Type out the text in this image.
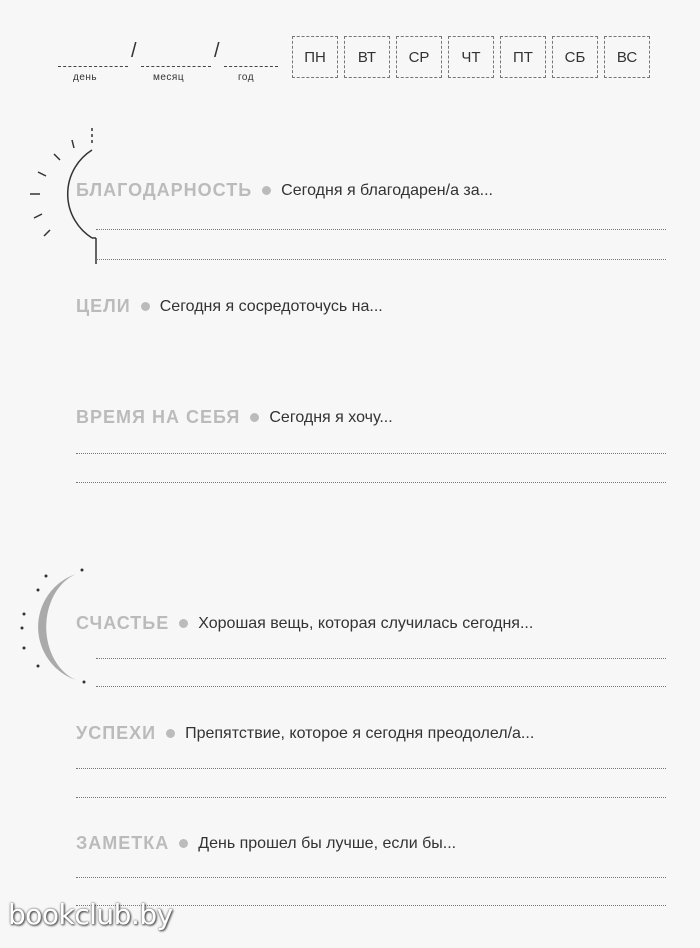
/	/
день	месяц	год
ПН	ВТ	СР	ЧТ	ПТ	СБ	ВС
БЛАГОДАРНОСТЬ Сегодня я благодарен/а за...
ЦЕЛИ Сегодня я сосредоточусь на...
ВРЕМЯ НА СЕБЯ Сегодня я хочу...
СЧАСТЬЕ Хорошая вещь, которая случилась сегодня...
УСПЕХИ Препятствие, которое я сегодня преодолел/а...
ЗАМЕТКА День прошел бы лучше, если бы...
bookclub.by
